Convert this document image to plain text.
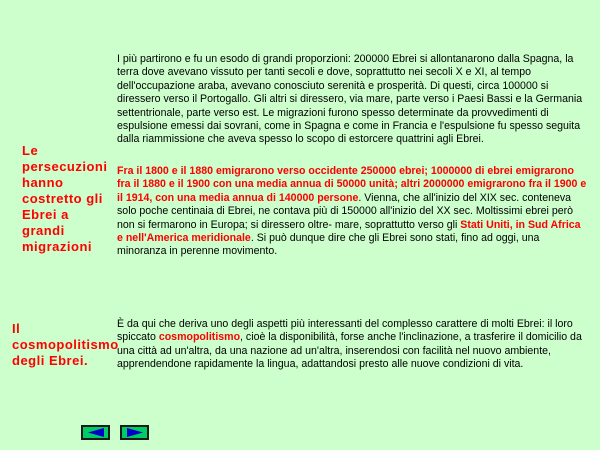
Le persecuzioni hanno costretto gli Ebrei a grandi migrazioni
I più partirono e fu un esodo di grandi proporzioni: 200000 Ebrei si allontanarono dalla Spagna, la terra dove avevano vissuto per tanti secoli e dove, soprattutto nei secoli X e XI, al tempo dell'occupazione araba, avevano conosciuto serenità e prosperità. Di questi, circa 100000 si diressero verso il Portogallo. Gli altri si diressero, via mare, parte verso i Paesi Bassi e la Germania settentrionale, parte verso est. Le migrazioni furono spesso determinate da provvedimenti di espulsione emessi dai sovrani, come in Spagna e come in Francia e l'espulsione fu spesso seguita dalla riammissione che aveva spesso lo scopo di estorcere quattrini agli Ebrei.
Fra il 1800 e il 1880 emigrarono verso occidente 250000 ebrei; 1000000 di ebrei emigrarono fra il 1880 e il 1900 con una media annua di 50000 unità; altri 2000000 emigrarono fra il 1900 e il 1914, con una media annua di 140000 persone. Vienna, che all'inizio del XIX sec. conteneva solo poche centinaia di Ebrei, ne contava più di 150000 all'inizio del XX sec. Moltissimi ebrei però non si fermarono in Europa; si diressero oltre- mare, soprattutto verso gli Stati Uniti, in Sud Africa e nell'America meridionale. Si può dunque dire che gli Ebrei sono stati, fino ad oggi, una minoranza in perenne movimento.
Il cosmopolitismo degli Ebrei.
È da qui che deriva uno degli aspetti più interessanti del complesso carattere di molti Ebrei: il loro spiccato cosmopolitismo, cioè la disponibilità, forse anche l'inclinazione, a trasferire il domicilio da una città ad un'altra, da una nazione ad un'altra, inserendosi con facilità nel nuovo ambiente, apprendendone rapidamente la lingua, adattandosi presto alle nuove condizioni di vita.
